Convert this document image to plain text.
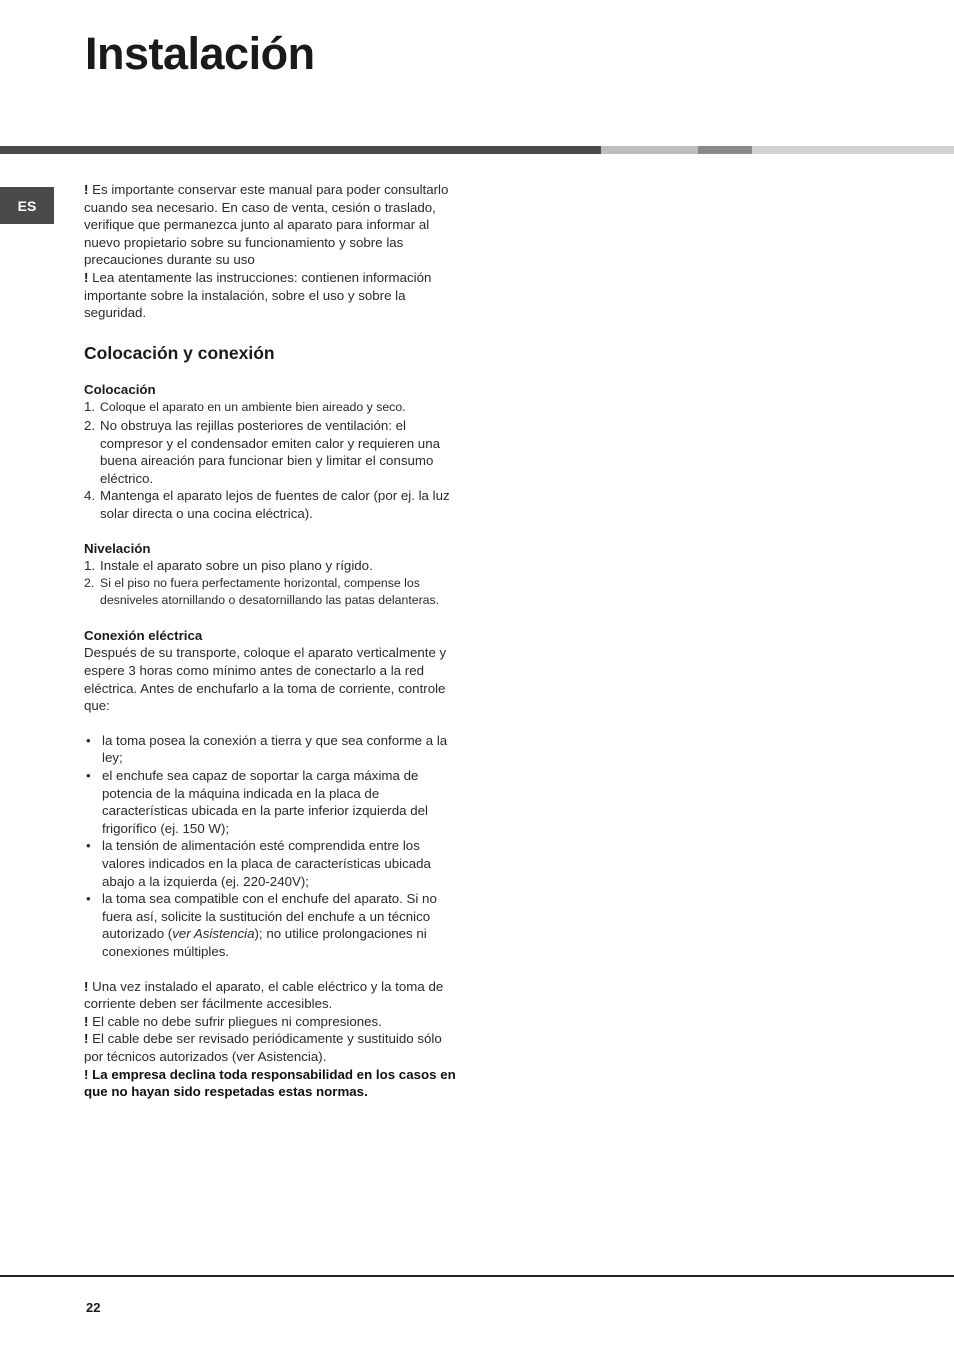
Instalación
ES

! Es importante conservar este manual para poder consultarlo cuando sea necesario. En caso de venta, cesión o traslado, verifique que permanezca junto al aparato para informar al nuevo propietario sobre su funcionamiento y sobre las precauciones durante su uso

! Lea atentamente las instrucciones: contienen información importante sobre la instalación, sobre el uso y sobre la seguridad.

Colocación y conexión
Colocación
1. Coloque el aparato en un ambiente bien aireado y seco.
2. No obstruya las rejillas posteriores de ventilación: el compresor y el condensador emiten calor y requieren una buena aireación para funcionar bien y limitar el consumo eléctrico.
4. Mantenga el aparato lejos de fuentes de calor (por ej. la luz solar directa o una cocina eléctrica).
Nivelación
1. Instale el aparato sobre un piso plano y rígido.
2. Si el piso no fuera perfectamente horizontal, compense los desniveles atornillando o desatornillando las patas delanteras.
Conexión eléctrica

Después de su transporte, coloque el aparato verticalmente y espere 3 horas como mínimo antes de conectarlo a la red eléctrica. Antes de enchufarlo a la toma de corriente, controle que:

• la toma posea la conexión a tierra y que sea conforme a la ley;
• el enchufe sea capaz de soportar la carga máxima de potencia de la máquina indicada en la placa de características ubicada en la parte inferior izquierda del frigorífico (ej. 150 W);
• la tensión de alimentación esté comprendida entre los valores indicados en la placa de características ubicada abajo a la izquierda (ej. 220-240V);
• la toma sea compatible con el enchufe del aparato. Si no fuera así, solicite la sustitución del enchufe a un técnico autorizado (ver Asistencia); no utilice prolongaciones ni conexiones múltiples.

! Una vez instalado el aparato, el cable eléctrico y la toma de corriente deben ser fácilmente accesibles.

! El cable no debe sufrir pliegues ni compresiones.

! El cable debe ser revisado periódicamente y sustituido sólo por técnicos autorizados (ver Asistencia).

! La empresa declina toda responsabilidad en los casos en que no hayan sido respetadas estas normas.

22
